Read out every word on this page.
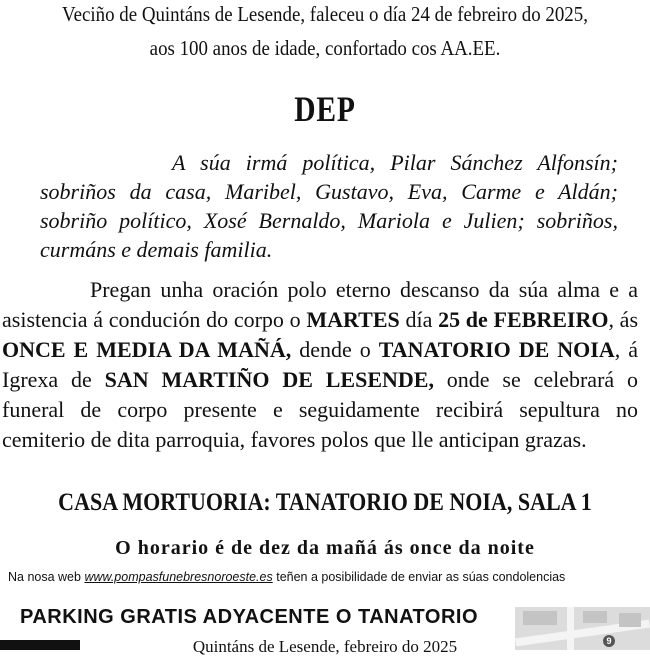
Veciño de Quintáns de Lesende, faleceu o día 24 de febreiro do 2025,
aos 100 anos de idade, confortado cos AA.EE.
DEP
A súa irmá política, Pilar Sánchez Alfonsín; sobriños da casa, Maribel, Gustavo, Eva, Carme e Aldán; sobriño político, Xosé Bernaldo, Mariola e Julien; sobriños, curmáns e demais familia.
Pregan unha oración polo eterno descanso da súa alma e a asistencia á condución do corpo o MARTES día 25 de FEBREIRO, ás ONCE E MEDIA DA MAÑÁ, dende o TANATORIO DE NOIA, á Igrexa de SAN MARTIÑO DE LESENDE, onde se celebrará o funeral de corpo presente e seguidamente recibirá sepultura no cemiterio de dita parroquia, favores polos que lle anticipan grazas.
CASA MORTUORIA: TANATORIO DE NOIA, SALA 1
O horario é de dez da mañá ás once da noite
Na nosa web www.pompasfunebresnoroeste.es teñen a posibilidade de enviar as súas condolencias
PARKING GRATIS ADYACENTE O TANATORIO
9
Quintáns de Lesende, febreiro do 2025
